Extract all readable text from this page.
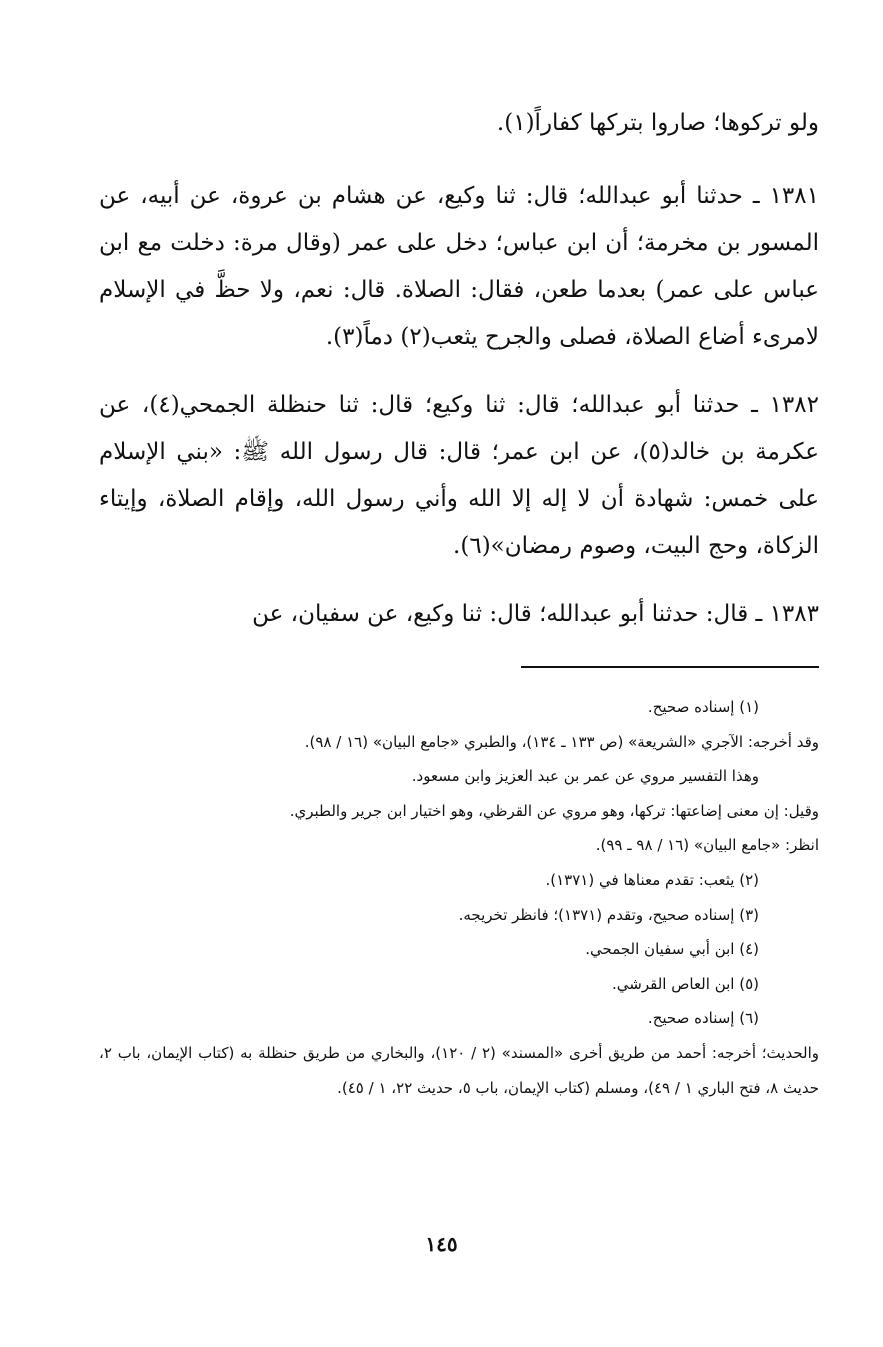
ولو تركوها؛ صاروا بتركها كفاراً(١).

١٣٨١ ـ حدثنا أبو عبدالله؛ قال: ثنا وكيع، عن هشام بن عروة، عن أبيه، عن المسور بن مخرمة؛ أن ابن عباس؛ دخل على عمر (وقال مرة: دخلت مع ابن عباس على عمر) بعدما طعن، فقال: الصلاة. قال: نعم، ولا حظَّ في الإسلام لامرىء أضاع الصلاة، فصلى والجرح يثعب(٢) دماً(٣).

١٣٨٢ ـ حدثنا أبو عبدالله؛ قال: ثنا وكيع؛ قال: ثنا حنظلة الجمحي(٤)، عن عكرمة بن خالد(٥)، عن ابن عمر؛ قال: قال رسول الله ﷺ: «بني الإسلام على خمس: شهادة أن لا إله إلا الله وأني رسول الله، وإقام الصلاة، وإيتاء الزكاة، وحج البيت، وصوم رمضان»(٦).

١٣٨٣ ـ قال: حدثنا أبو عبدالله؛ قال: ثنا وكيع، عن سفيان، عن

(١) إسناده صحيح.
وقد أخرجه: الآجري «الشريعة» (ص ١٣٣ ـ ١٣٤)، والطبري «جامع البيان» (١٦ / ٩٨).
وهذا التفسير مروي عن عمر بن عبد العزيز وابن مسعود.
وقيل: إن معنى إضاعتها: تركها، وهو مروي عن القرظي، وهو اختيار ابن جرير والطبري.
انظر: «جامع البيان» (١٦ / ٩٨ ـ ٩٩).
(٢) يثعب: تقدم معناها في (١٣٧١).
(٣) إسناده صحيح، وتقدم (١٣٧١)؛ فانظر تخريجه.
(٤) ابن أبي سفيان الجمحي.
(٥) ابن العاص القرشي.
(٦) إسناده صحيح.
والحديث؛ أخرجه: أحمد من طريق أخرى «المسند» (٢ / ١٢٠)، والبخاري من طريق حنظلة به (كتاب الإيمان، باب ٢، حديث ٨، فتح الباري ١ / ٤٩)، ومسلم (كتاب الإيمان، باب ٥، حديث ٢٢، ١ / ٤٥).
١٤٥
